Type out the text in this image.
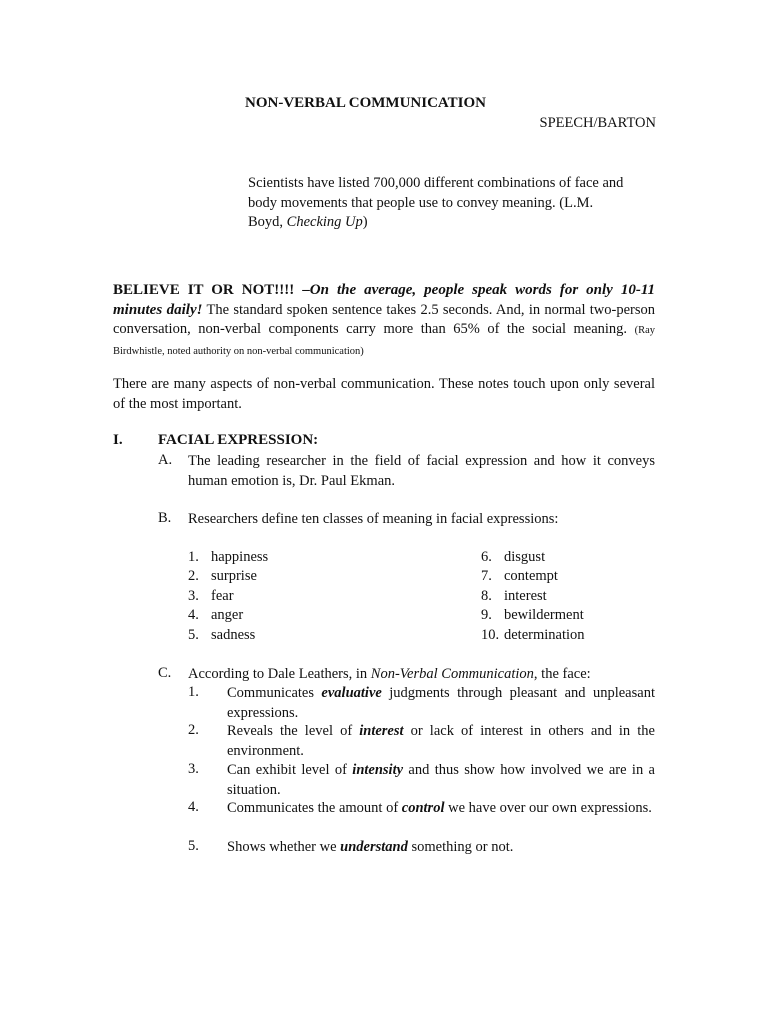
NON-VERBAL COMMUNICATION
SPEECH/BARTON
Scientists have listed 700,000 different combinations of face and body movements that people use to convey meaning. (L.M. Boyd, Checking Up)
BELIEVE IT OR NOT!!!! –On the average, people speak words for only 10-11 minutes daily! The standard spoken sentence takes 2.5 seconds. And, in normal two-person conversation, non-verbal components carry more than 65% of the social meaning. (Ray Birdwhistle, noted authority on non-verbal communication)
There are many aspects of non-verbal communication. These notes touch upon only several of the most important.
I. FACIAL EXPRESSION:
A. The leading researcher in the field of facial expression and how it conveys human emotion is, Dr. Paul Ekman.
B. Researchers define ten classes of meaning in facial expressions:
1. happiness
2. surprise
3. fear
4. anger
5. sadness
6. disgust
7. contempt
8. interest
9. bewilderment
10. determination
C. According to Dale Leathers, in Non-Verbal Communication, the face:
1. Communicates evaluative judgments through pleasant and unpleasant expressions.
2. Reveals the level of interest or lack of interest in others and in the environment.
3. Can exhibit level of intensity and thus show how involved we are in a situation.
4. Communicates the amount of control we have over our own expressions.
5. Shows whether we understand something or not.
